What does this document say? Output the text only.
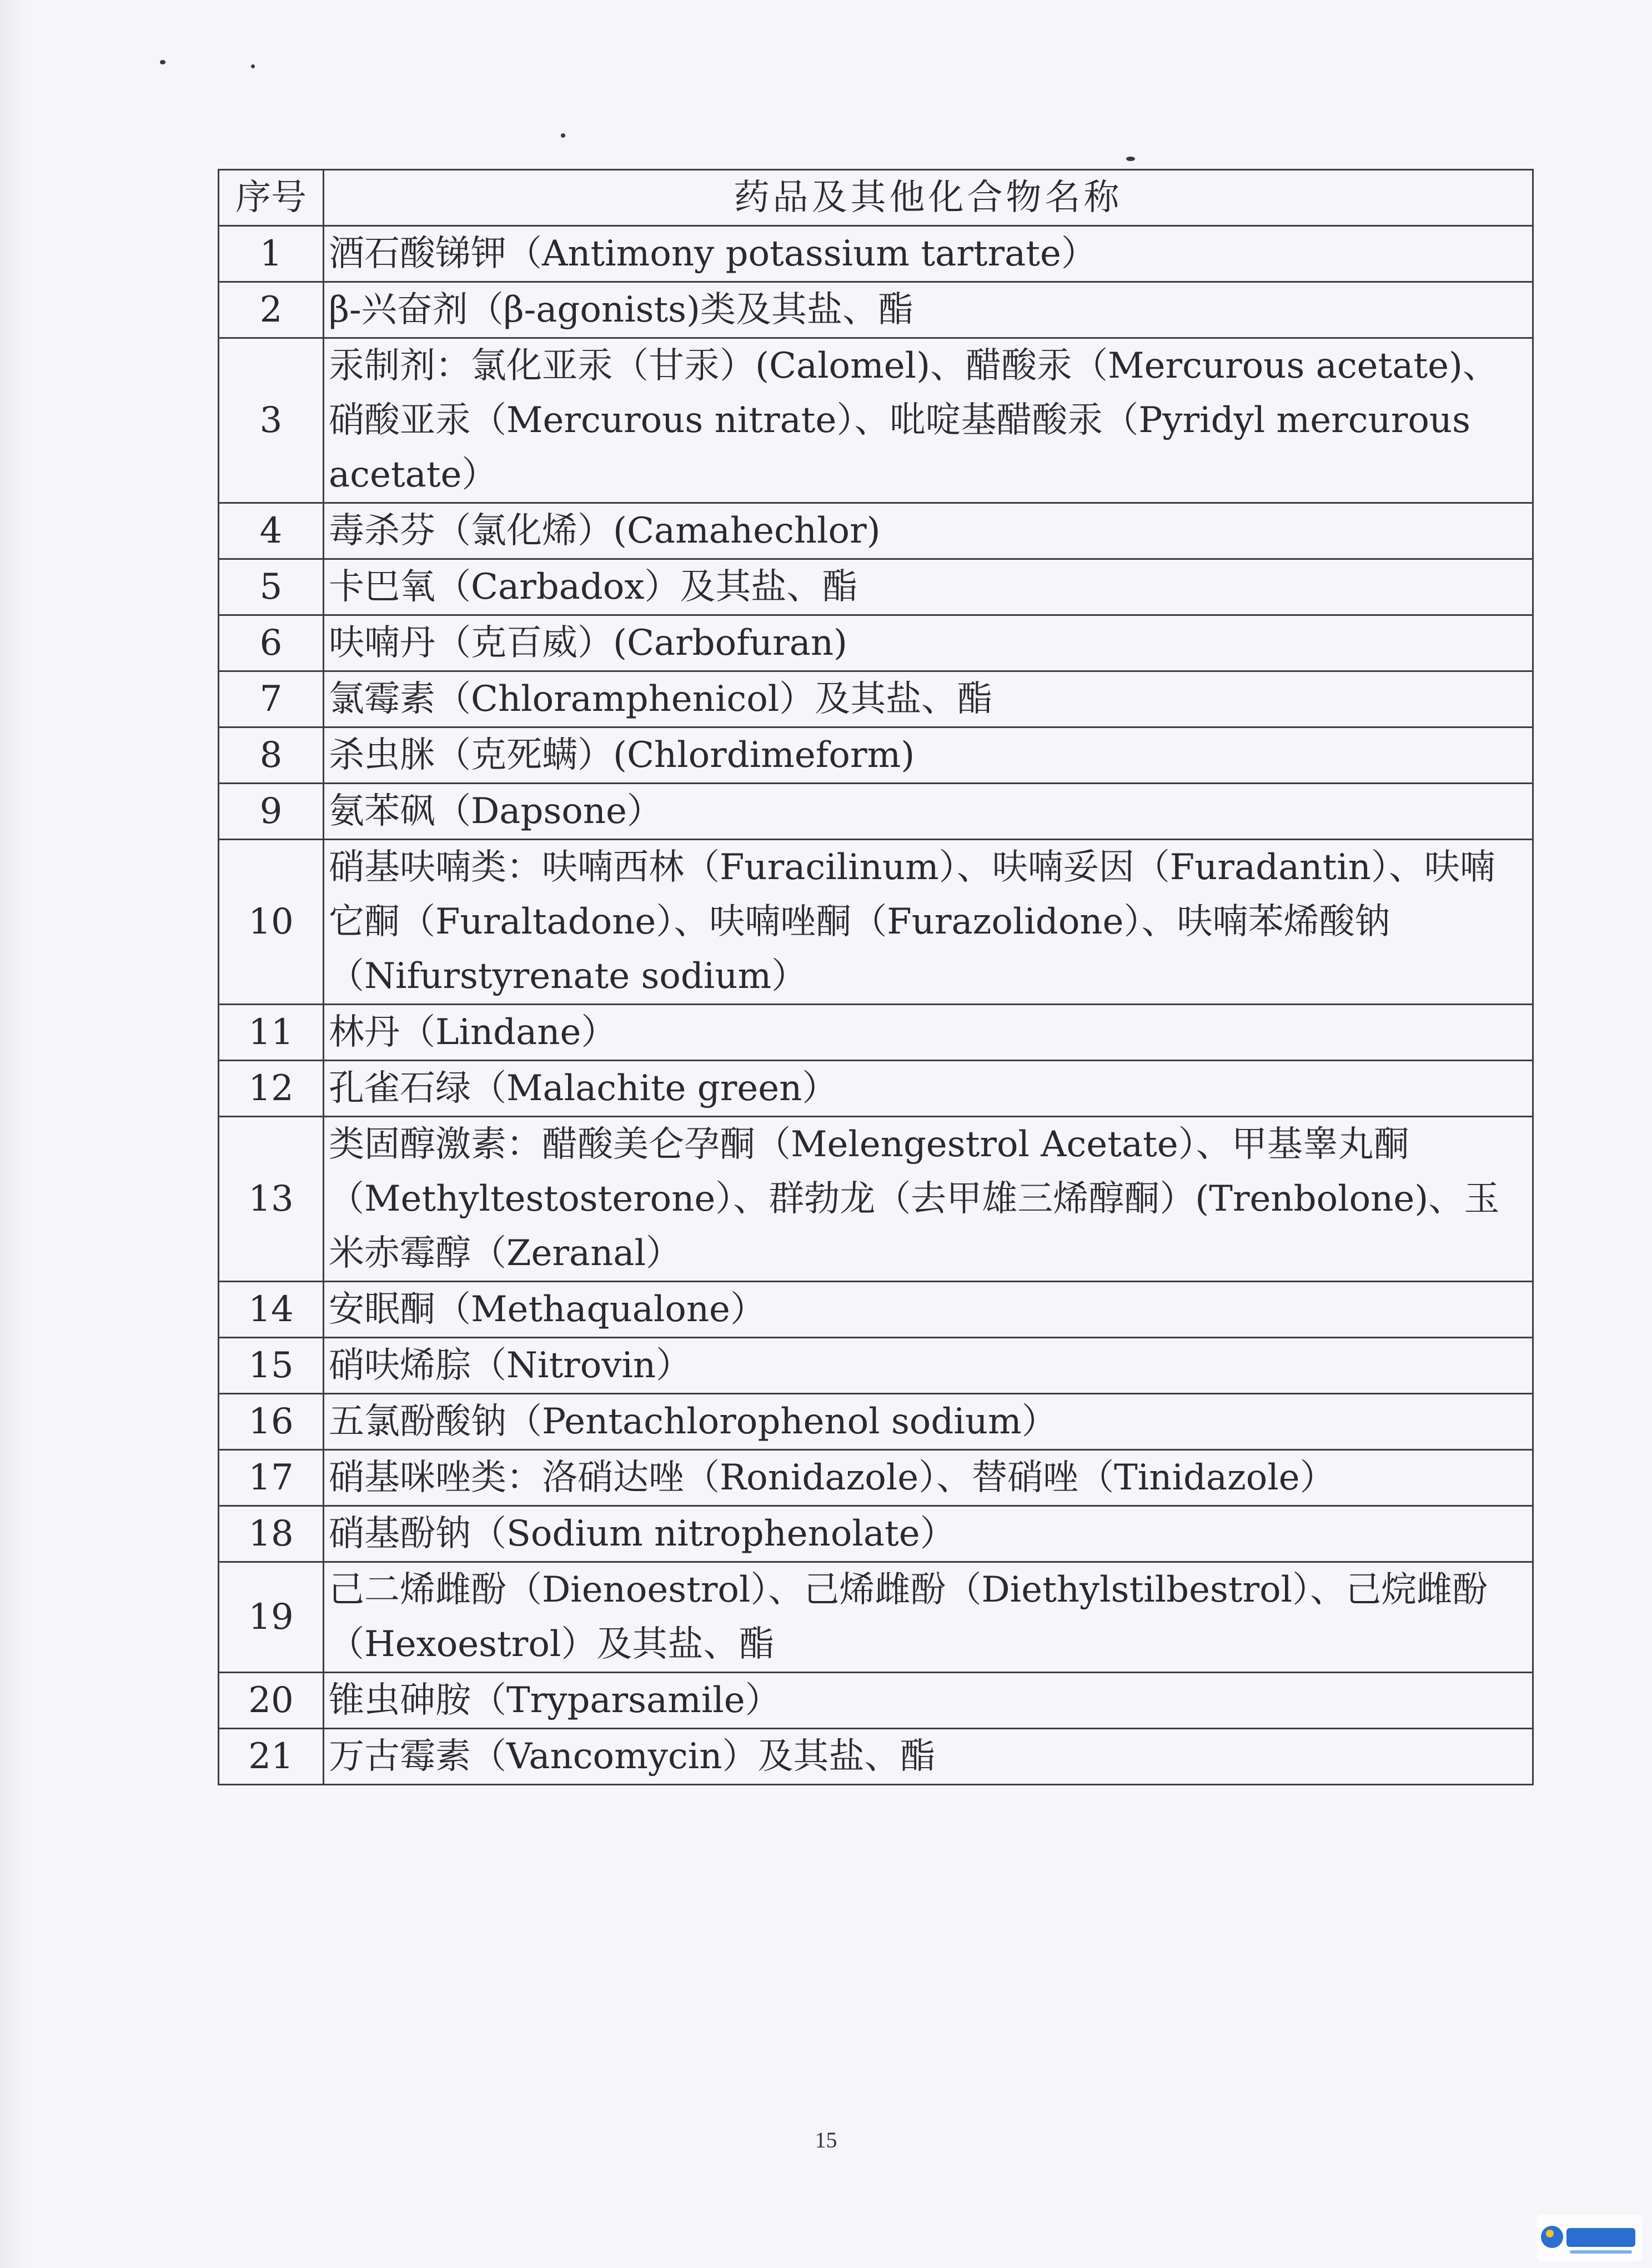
序号	药品及其他化合物名称
1	酒石酸锑钾（Antimony potassium tartrate）
2	β-兴奋剂（β-agonists)类及其盐、酯
3	汞制剂：氯化亚汞（甘汞）(Calomel)、醋酸汞（Mercurous acetate)、硝酸亚汞（Mercurous nitrate）、吡啶基醋酸汞（Pyridyl mercurous acetate）
4	毒杀芬（氯化烯）(Camahechlor)
5	卡巴氧（Carbadox）及其盐、酯
6	呋喃丹（克百威）(Carbofuran)
7	氯霉素（Chloramphenicol）及其盐、酯
8	杀虫脒（克死螨）(Chlordimeform)
9	氨苯砜（Dapsone）
10	硝基呋喃类：呋喃西林（Furacilinum）、呋喃妥因（Furadantin）、呋喃它酮（Furaltadone）、呋喃唑酮（Furazolidone）、呋喃苯烯酸钠（Nifurstyrenate sodium）
11	林丹（Lindane）
12	孔雀石绿（Malachite green）
13	类固醇激素：醋酸美仑孕酮（Melengestrol Acetate）、甲基睾丸酮（Methyltestosterone）、群勃龙（去甲雄三烯醇酮）(Trenbolone)、玉米赤霉醇（Zeranal）
14	安眠酮（Methaqualone）
15	硝呋烯腙（Nitrovin）
16	五氯酚酸钠（Pentachlorophenol sodium）
17	硝基咪唑类：洛硝达唑（Ronidazole）、替硝唑（Tinidazole）
18	硝基酚钠（Sodium nitrophenolate）
19	己二烯雌酚（Dienoestrol）、己烯雌酚（Diethylstilbestrol）、己烷雌酚（Hexoestrol）及其盐、酯
20	锥虫砷胺（Tryparsamile）
21	万古霉素（Vancomycin）及其盐、酯
15
